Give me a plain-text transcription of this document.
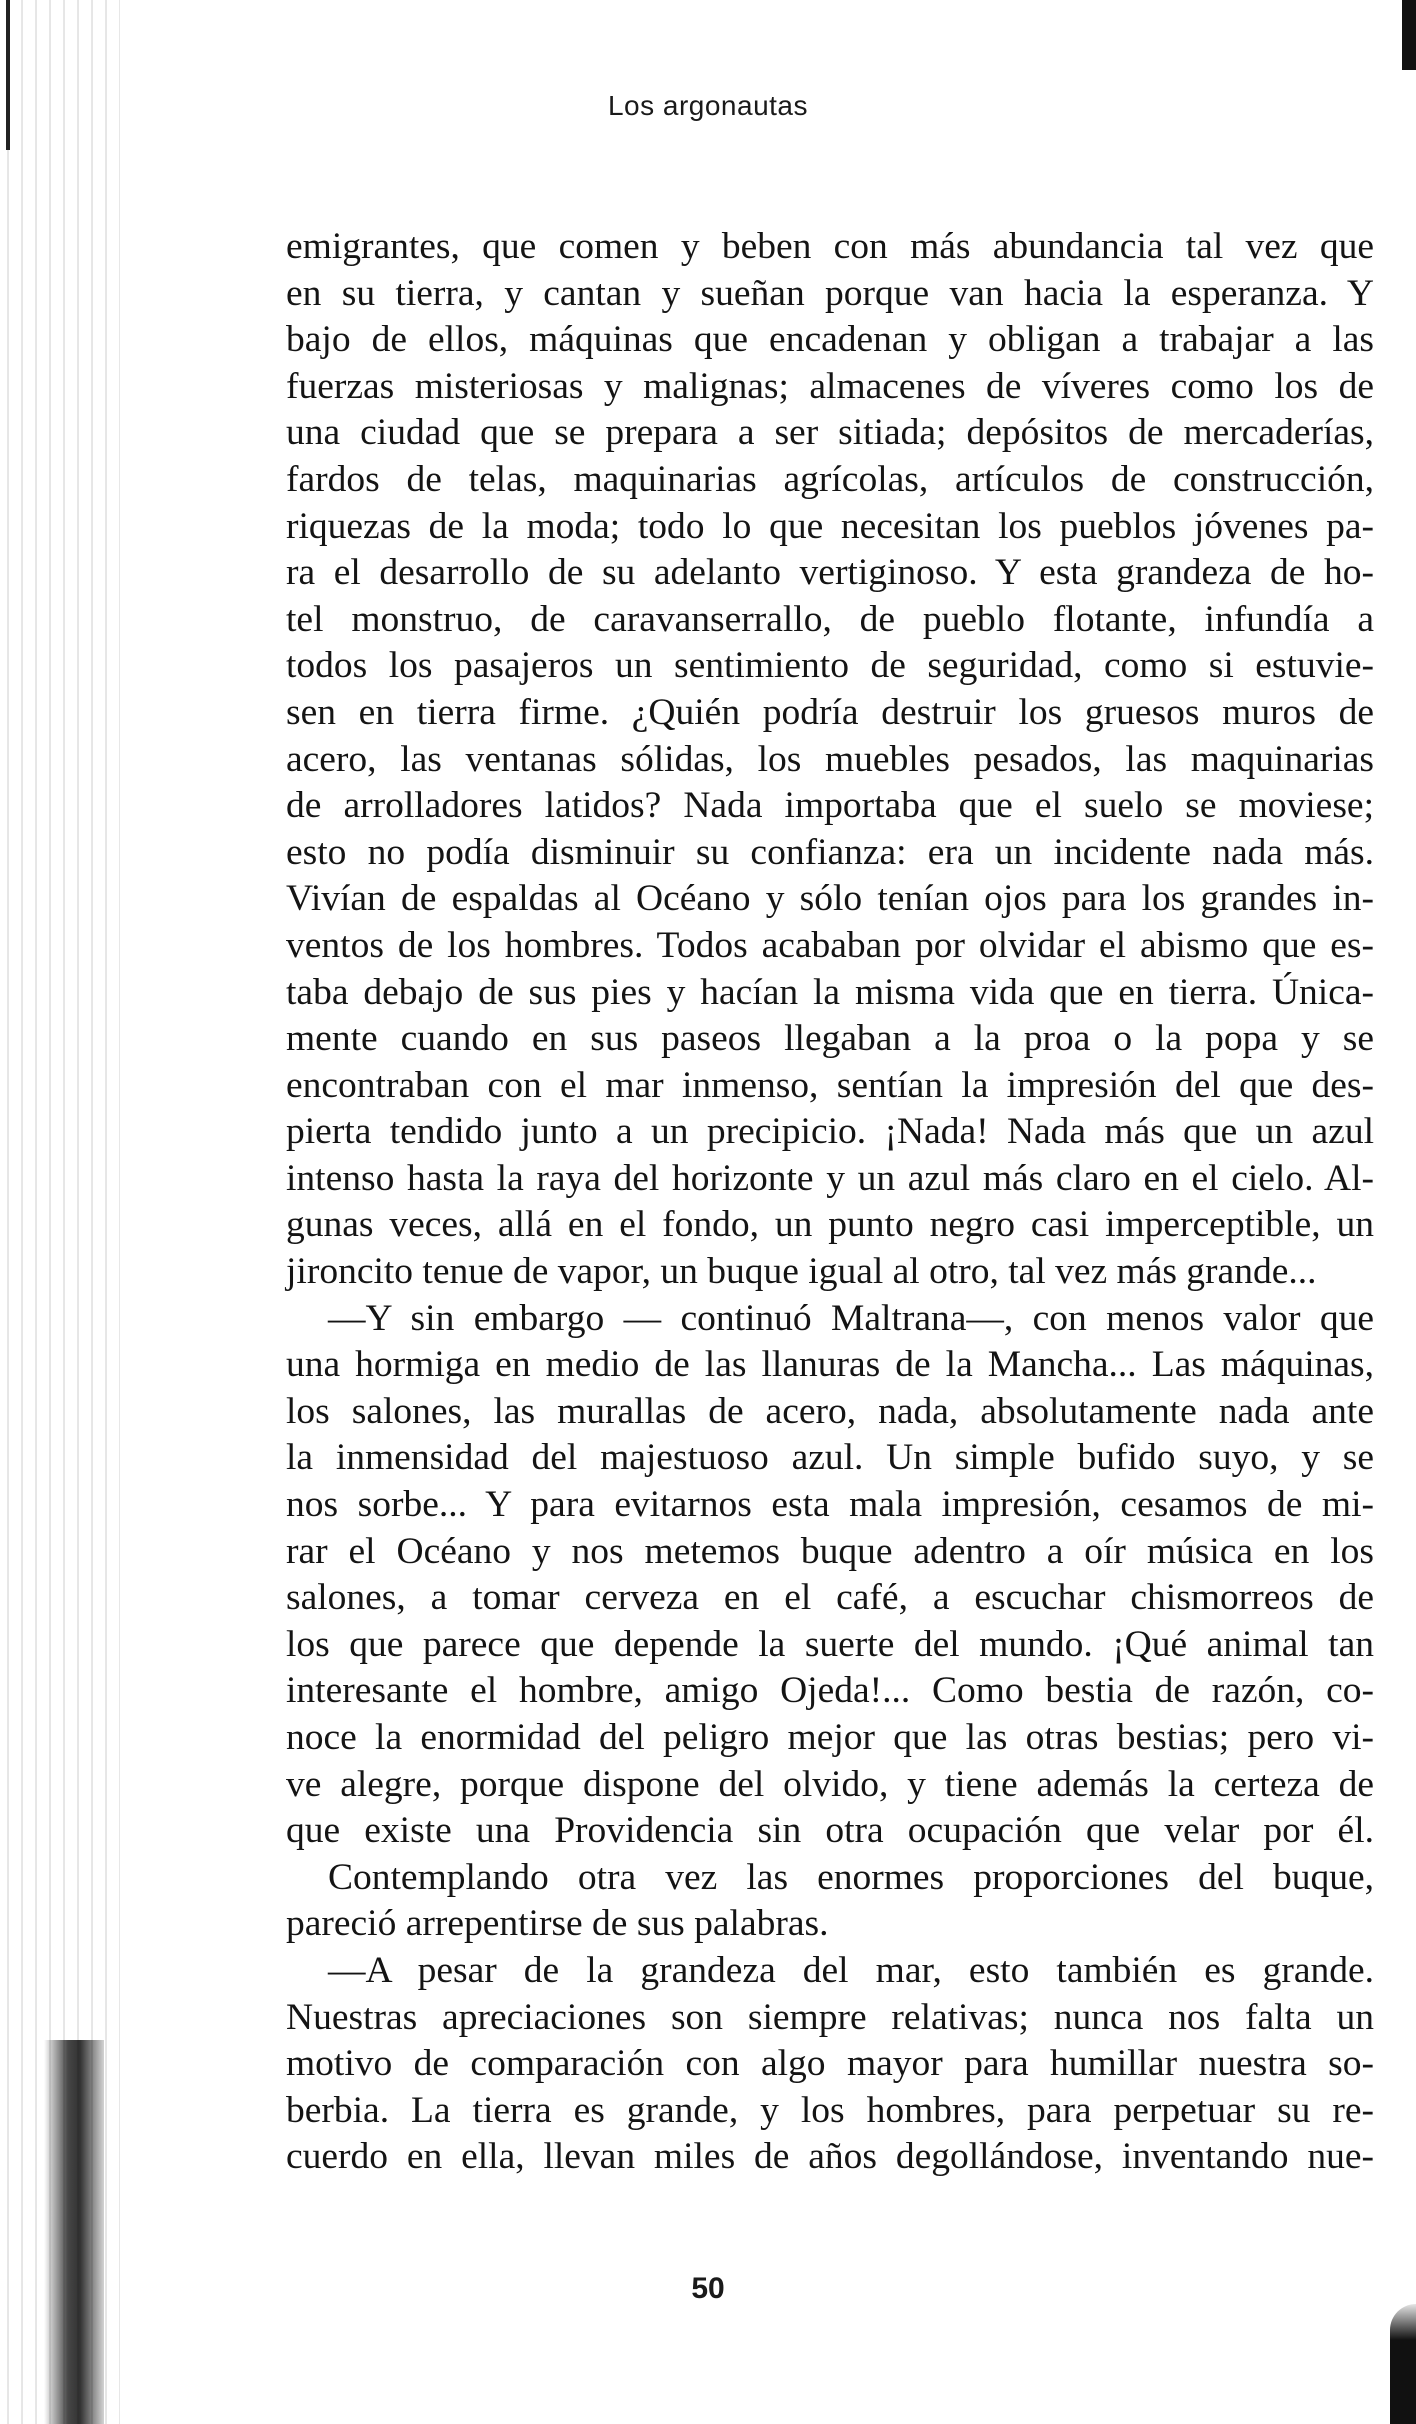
Los argonautas
emigrantes, que comen y beben con más abundancia tal vez que
en su tierra, y cantan y sueñan porque van hacia la esperanza. Y
bajo de ellos, máquinas que encadenan y obligan a trabajar a las
fuerzas misteriosas y malignas; almacenes de víveres como los de
una ciudad que se prepara a ser sitiada; depósitos de mercaderías,
fardos de telas, maquinarias agrícolas, artículos de construcción,
riquezas de la moda; todo lo que necesitan los pueblos jóvenes pa-
ra el desarrollo de su adelanto vertiginoso. Y esta grandeza de ho-
tel monstruo, de caravanserrallo, de pueblo flotante, infundía a
todos los pasajeros un sentimiento de seguridad, como si estuvie-
sen en tierra firme. ¿Quién podría destruir los gruesos muros de
acero, las ventanas sólidas, los muebles pesados, las maquinarias
de arrolladores latidos? Nada importaba que el suelo se moviese;
esto no podía disminuir su confianza: era un incidente nada más.
Vivían de espaldas al Océano y sólo tenían ojos para los grandes in-
ventos de los hombres. Todos acababan por olvidar el abismo que es-
taba debajo de sus pies y hacían la misma vida que en tierra. Única-
mente cuando en sus paseos llegaban a la proa o la popa y se
encontraban con el mar inmenso, sentían la impresión del que des-
pierta tendido junto a un precipicio. ¡Nada! Nada más que un azul
intenso hasta la raya del horizonte y un azul más claro en el cielo. Al-
gunas veces, allá en el fondo, un punto negro casi imperceptible, un
jironcito tenue de vapor, un buque igual al otro, tal vez más grande...
—Y sin embargo — continuó Maltrana—, con menos valor que
una hormiga en medio de las llanuras de la Mancha... Las máquinas,
los salones, las murallas de acero, nada, absolutamente nada ante
la inmensidad del majestuoso azul. Un simple bufido suyo, y se
nos sorbe... Y para evitarnos esta mala impresión, cesamos de mi-
rar el Océano y nos metemos buque adentro a oír música en los
salones, a tomar cerveza en el café, a escuchar chismorreos de
los que parece que depende la suerte del mundo. ¡Qué animal tan
interesante el hombre, amigo Ojeda!... Como bestia de razón, co-
noce la enormidad del peligro mejor que las otras bestias; pero vi-
ve alegre, porque dispone del olvido, y tiene además la certeza de
que existe una Providencia sin otra ocupación que velar por él.
Contemplando otra vez las enormes proporciones del buque,
pareció arrepentirse de sus palabras.
—A pesar de la grandeza del mar, esto también es grande.
Nuestras apreciaciones son siempre relativas; nunca nos falta un
motivo de comparación con algo mayor para humillar nuestra so-
berbia. La tierra es grande, y los hombres, para perpetuar su re-
cuerdo en ella, llevan miles de años degollándose, inventando nue-
50
